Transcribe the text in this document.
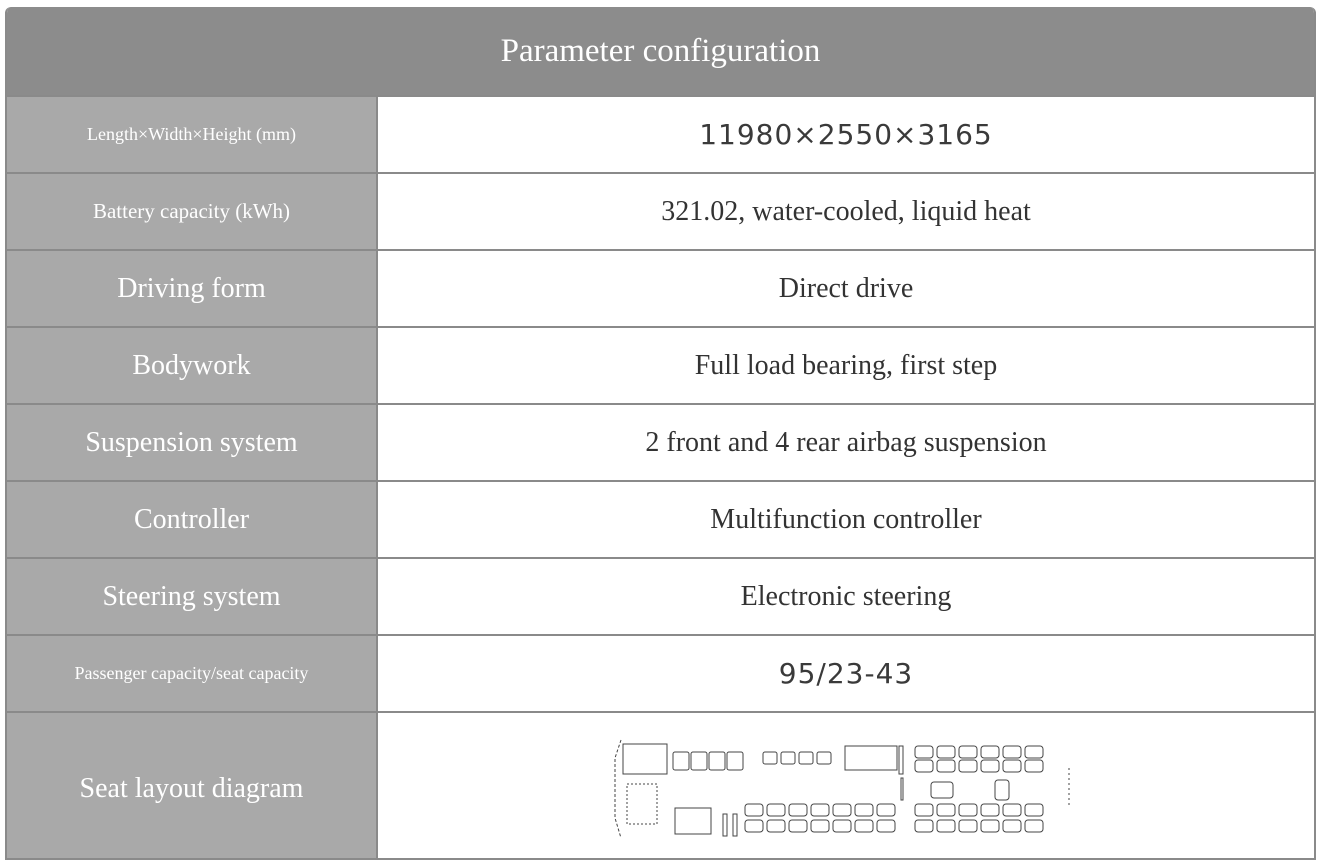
Parameter configuration
Length×Width×Height (mm)	11980×2550×3165
Battery capacity (kWh)	321.02, water-cooled, liquid heat
Driving form	Direct drive
Bodywork	Full load bearing, first step
Suspension system	2 front and 4 rear airbag suspension
Controller	Multifunction controller
Steering system	Electronic steering
Passenger capacity/seat capacity	95/23-43
Seat layout diagram
